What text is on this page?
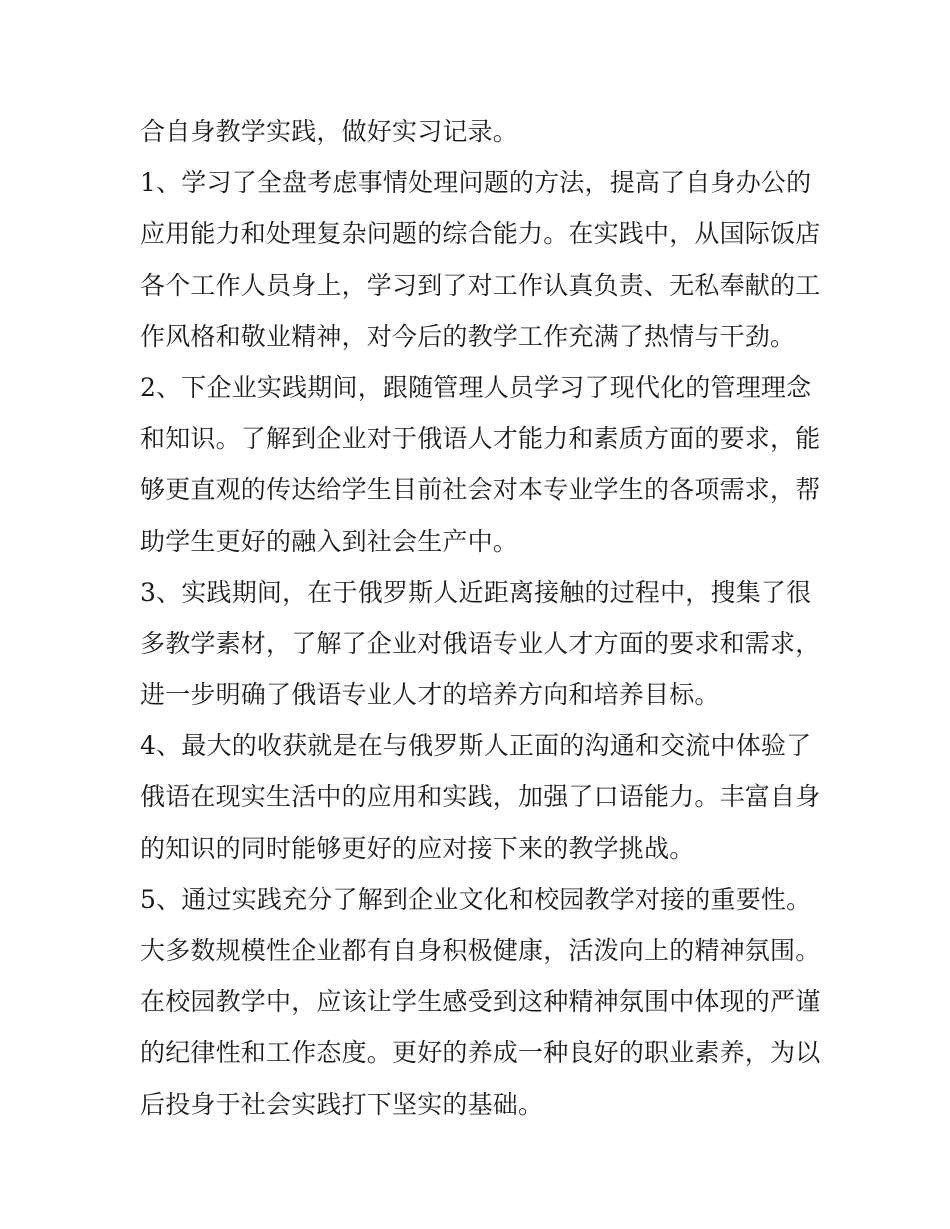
合自身教学实践，做好实习记录。
1、学习了全盘考虑事情处理问题的方法，提高了自身办公的
应用能力和处理复杂问题的综合能力。在实践中，从国际饭店
各个工作人员身上，学习到了对工作认真负责、无私奉献的工
作风格和敬业精神，对今后的教学工作充满了热情与干劲。
2、下企业实践期间，跟随管理人员学习了现代化的管理理念
和知识。了解到企业对于俄语人才能力和素质方面的要求，能
够更直观的传达给学生目前社会对本专业学生的各项需求，帮
助学生更好的融入到社会生产中。
3、实践期间，在于俄罗斯人近距离接触的过程中，搜集了很
多教学素材，了解了企业对俄语专业人才方面的要求和需求，
进一步明确了俄语专业人才的培养方向和培养目标。
4、最大的收获就是在与俄罗斯人正面的沟通和交流中体验了
俄语在现实生活中的应用和实践，加强了口语能力。丰富自身
的知识的同时能够更好的应对接下来的教学挑战。
5、通过实践充分了解到企业文化和校园教学对接的重要性。
大多数规模性企业都有自身积极健康，活泼向上的精神氛围。
在校园教学中，应该让学生感受到这种精神氛围中体现的严谨
的纪律性和工作态度。更好的养成一种良好的职业素养，为以
后投身于社会实践打下坚实的基础。
